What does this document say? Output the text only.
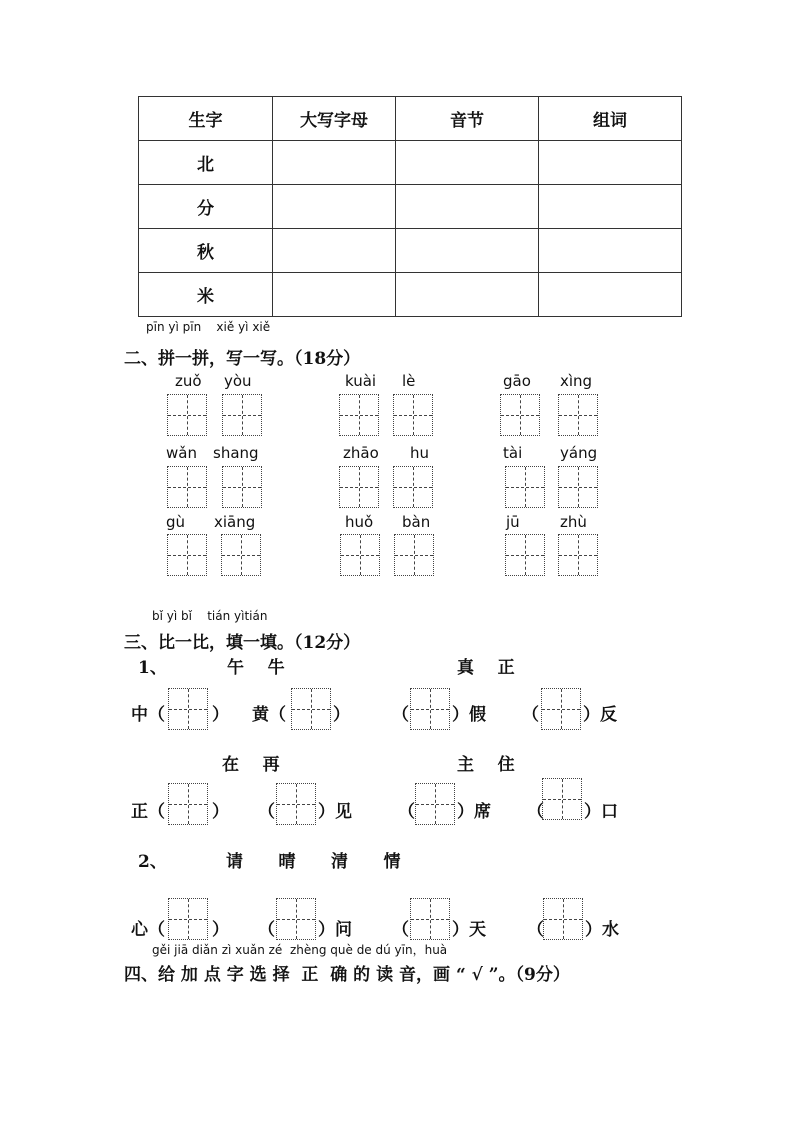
生字	大写字母	音节	组词
北			
分			
秋			
米			
pīn yì pīn    xiě yì xiě
二、拼一拼，写一写。（18分）
zuǒ yòu	kuài lè	gāo xìng
wǎn shang	zhāo hu	tài	yáng
gù xiāng	huǒ bàn	jū	zhù
bǐ yì bǐ    tián yìtián
三、比一比，填一填。（12分）
1、	午    牛	真    正
中（	） 黄（	） （	）假 （	）反
在    再	主    住
正（	） （	）见	（ ）席 （ ）口
2、	请      晴      清      情
心（	） （	）问 （	）天 （ ）水
gěi jiā diǎn zì xuǎn zé  zhèng què de dú yīn，huà
四、给 加 点 字 选 择  正  确 的 读 音，画 “ √ ”。（9分）
